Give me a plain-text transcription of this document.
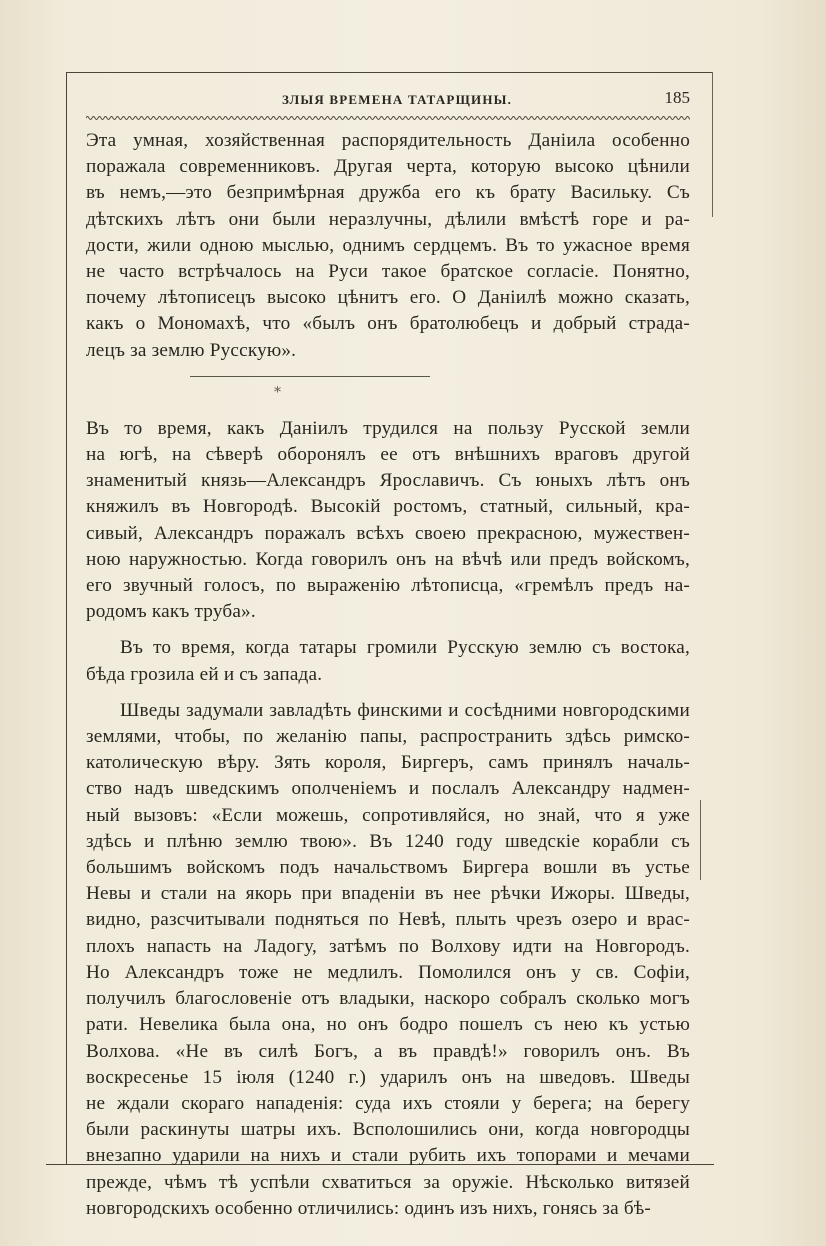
ЗЛЫЯ ВРЕМЕНА ТАТАРЩИНЫ.	185
Эта умная, хозяйственная распорядительность Даніила особенно
поражала современниковъ. Другая черта, которую высоко цѣнили
въ немъ,—это безпримѣрная дружба его къ брату Васильку. Съ
дѣтскихъ лѣтъ они были неразлучны, дѣлили вмѣстѣ горе и ра-
дости, жили одною мыслью, однимъ сердцемъ. Въ то ужасное время
не часто встрѣчалось на Руси такое братское согласіе. Понятно,
почему лѣтописецъ высоко цѣнитъ его. О Даніилѣ можно сказать,
какъ о Мономахѣ, что «былъ онъ братолюбецъ и добрый страда-
лецъ за землю Русскую».
Въ то время, какъ Даніилъ трудился на пользу Русской земли
на югѣ, на сѣверѣ оборонялъ ее отъ внѣшнихъ враговъ другой
знаменитый князь—Александръ Ярославичъ. Съ юныхъ лѣтъ онъ
княжилъ въ Новгородѣ. Высокій ростомъ, статный, сильный, кра-
сивый, Александръ поражалъ всѣхъ своею прекрасною, мужествен-
ною наружностью. Когда говорилъ онъ на вѣчѣ или предъ войскомъ,
его звучный голосъ, по выраженію лѣтописца, «гремѣлъ предъ на-
родомъ какъ труба».
Въ то время, когда татары громили Русскую землю съ востока,
бѣда грозила ей и съ запада.
Шведы задумали завладѣть финскими и сосѣдними новгородскими
землями, чтобы, по желанію папы, распространить здѣсь римско-
католическую вѣру. Зять короля, Биргеръ, самъ принялъ началь-
ство надъ шведскимъ ополченіемъ и послалъ Александру надмен-
ный вызовъ: «Если можешь, сопротивляйся, но знай, что я уже
здѣсь и плѣню землю твою». Въ 1240 году шведскіе корабли съ
большимъ войскомъ подъ начальствомъ Биргера вошли въ устье
Невы и стали на якорь при впаденіи въ нее рѣчки Ижоры. Шведы,
видно, разсчитывали подняться по Невѣ, плыть чрезъ озеро и врас-
плохъ напасть на Ладогу, затѣмъ по Волхову идти на Новгородъ.
Но Александръ тоже не медлилъ. Помолился онъ у св. Софіи,
получилъ благословеніе отъ владыки, наскоро собралъ сколько могъ
рати. Невелика была она, но онъ бодро пошелъ съ нею къ устью
Волхова. «Не въ силѣ Богъ, а въ правдѣ!» говорилъ онъ. Въ
воскресенье 15 іюля (1240 г.) ударилъ онъ на шведовъ. Шведы
не ждали скораго нападенія: суда ихъ стояли у берега; на берегу
были раскинуты шатры ихъ. Всполошились они, когда новгородцы
внезапно ударили на нихъ и стали рубить ихъ топорами и мечами
прежде, чѣмъ тѣ успѣли схватиться за оружіе. Нѣсколько витязей
новгородскихъ особенно отличились: одинъ изъ нихъ, гонясь за бѣ-
⁎
